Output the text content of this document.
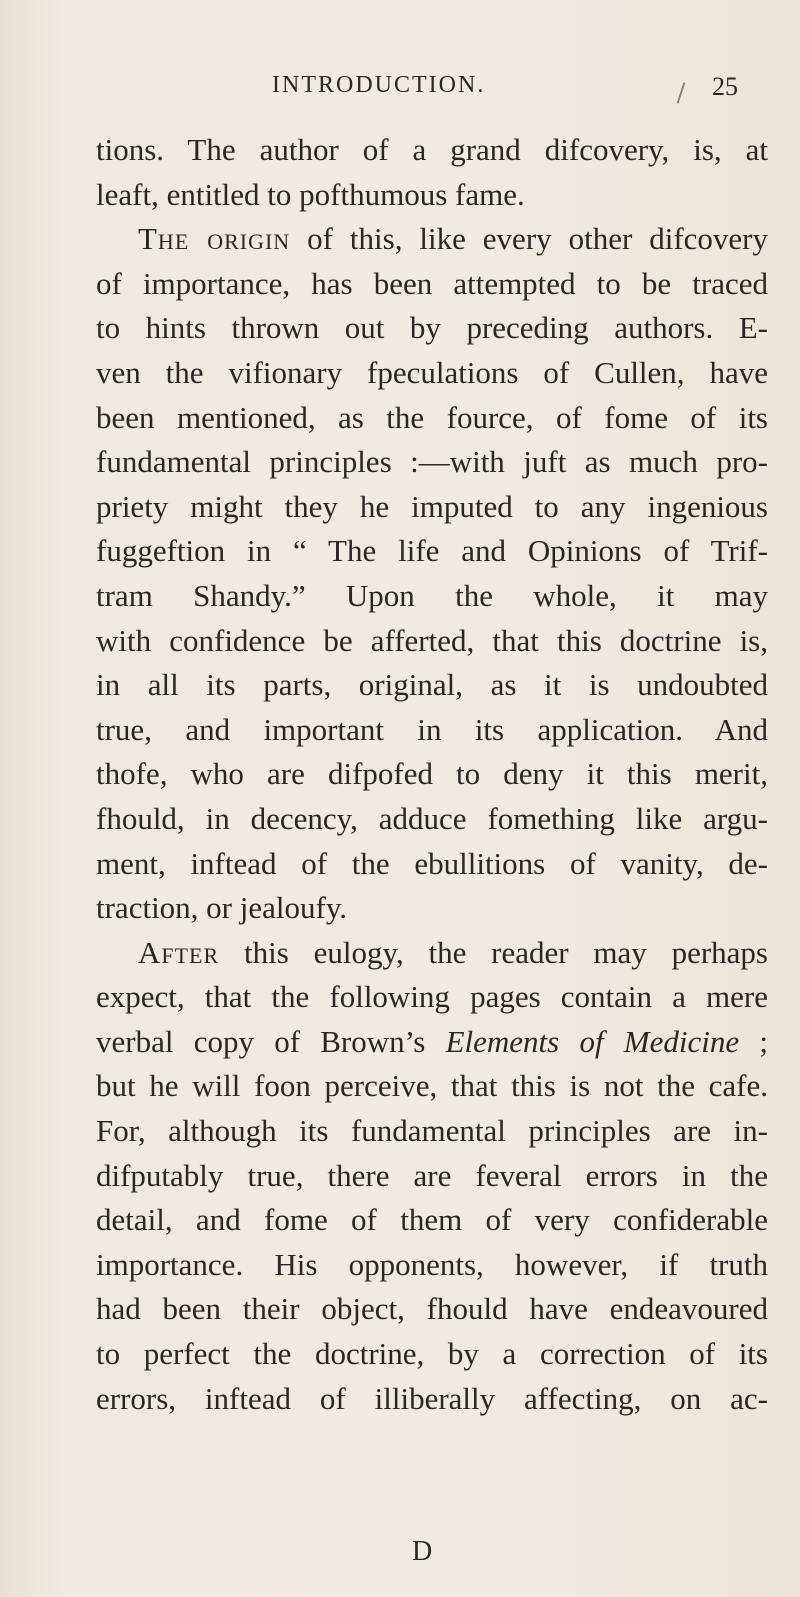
INTRODUCTION.	25
tions. The author of a grand difcovery, is, at
leaft, entitled to pofthumous fame.
The origin of this, like every other difcovery
of importance, has been attempted to be traced
to hints thrown out by preceding authors. E-
ven the vifionary fpeculations of Cullen, have
been mentioned, as the fource, of fome of its
fundamental principles :—with juft as much pro-
priety might they he imputed to any ingenious
fuggeftion in “ The life and Opinions of Trif-
tram Shandy.” Upon the whole, it may
with confidence be afferted, that this doctrine is,
in all its parts, original, as it is undoubted
true, and important in its application. And
thofe, who are difpofed to deny it this merit,
fhould, in decency, adduce fomething like argu-
ment, inftead of the ebullitions of vanity, de-
traction, or jealoufy.
After this eulogy, the reader may perhaps
expect, that the following pages contain a mere
verbal copy of Brown’s Elements of Medicine ;
but he will foon perceive, that this is not the cafe.
For, although its fundamental principles are in-
difputably true, there are feveral errors in the
detail, and fome of them of very confiderable
importance. His opponents, however, if truth
had been their object, fhould have endeavoured
to perfect the doctrine, by a correction of its
errors, inftead of illiberally affecting, on ac-
D
